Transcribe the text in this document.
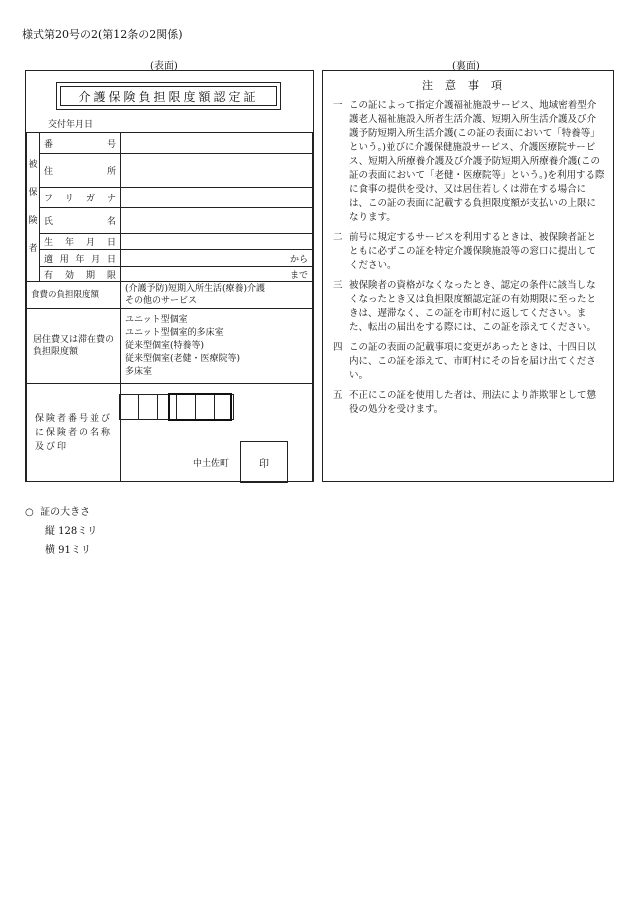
様式第20号の2(第12条の2関係)
(表面)	(裏面)
介護保険負担限度額認定証
交付年月日
被
保
険
者	番号	
	住所	
	フリガナ	
	氏名	
	生年月日	
	適用年月日	から
	有効期限	まで
食費の負担限度額		(介護予防)短期入所生活(療養)介護
その他のサービス

居住費又は滞在費の負担限度額		ユニット型個室
ユニット型個室的多床室
従来型個室(特養等)
従来型個室(老健・医療院等)
多床室

保険者番号並びに保険者の名称及び印		中土佐町 印
注意事項
一 この証によって指定介護福祉施設サービス、地域密着型介護老人福祉施設入所者生活介護、短期入所生活介護及び介護予防短期入所生活介護(この証の表面において「特養等」という。)並びに介護保健施設サービス、介護医療院サービス、短期入所療養介護及び介護予防短期入所療養介護(この証の表面において「老健・医療院等」という。)を利用する際に食事の提供を受け、又は居住若しくは滞在する場合には、この証の表面に記載する負担限度額が支払いの上限になります。
二 前号に規定するサービスを利用するときは、被保険者証とともに必ずこの証を特定介護保険施設等の窓口に提出してください。
三 被保険者の資格がなくなったとき、認定の条件に該当しなくなったとき又は負担限度額認定証の有効期限に至ったときは、遅滞なく、この証を市町村に返してください。また、転出の届出をする際には、この証を添えてください。
四 この証の表面の記載事項に変更があったときは、十四日以内に、この証を添えて、市町村にその旨を届け出てください。
五 不正にこの証を使用した者は、刑法により詐欺罪として懲役の処分を受けます。
○ 証の大きさ
縦 128ミリ
横 91ミリ
